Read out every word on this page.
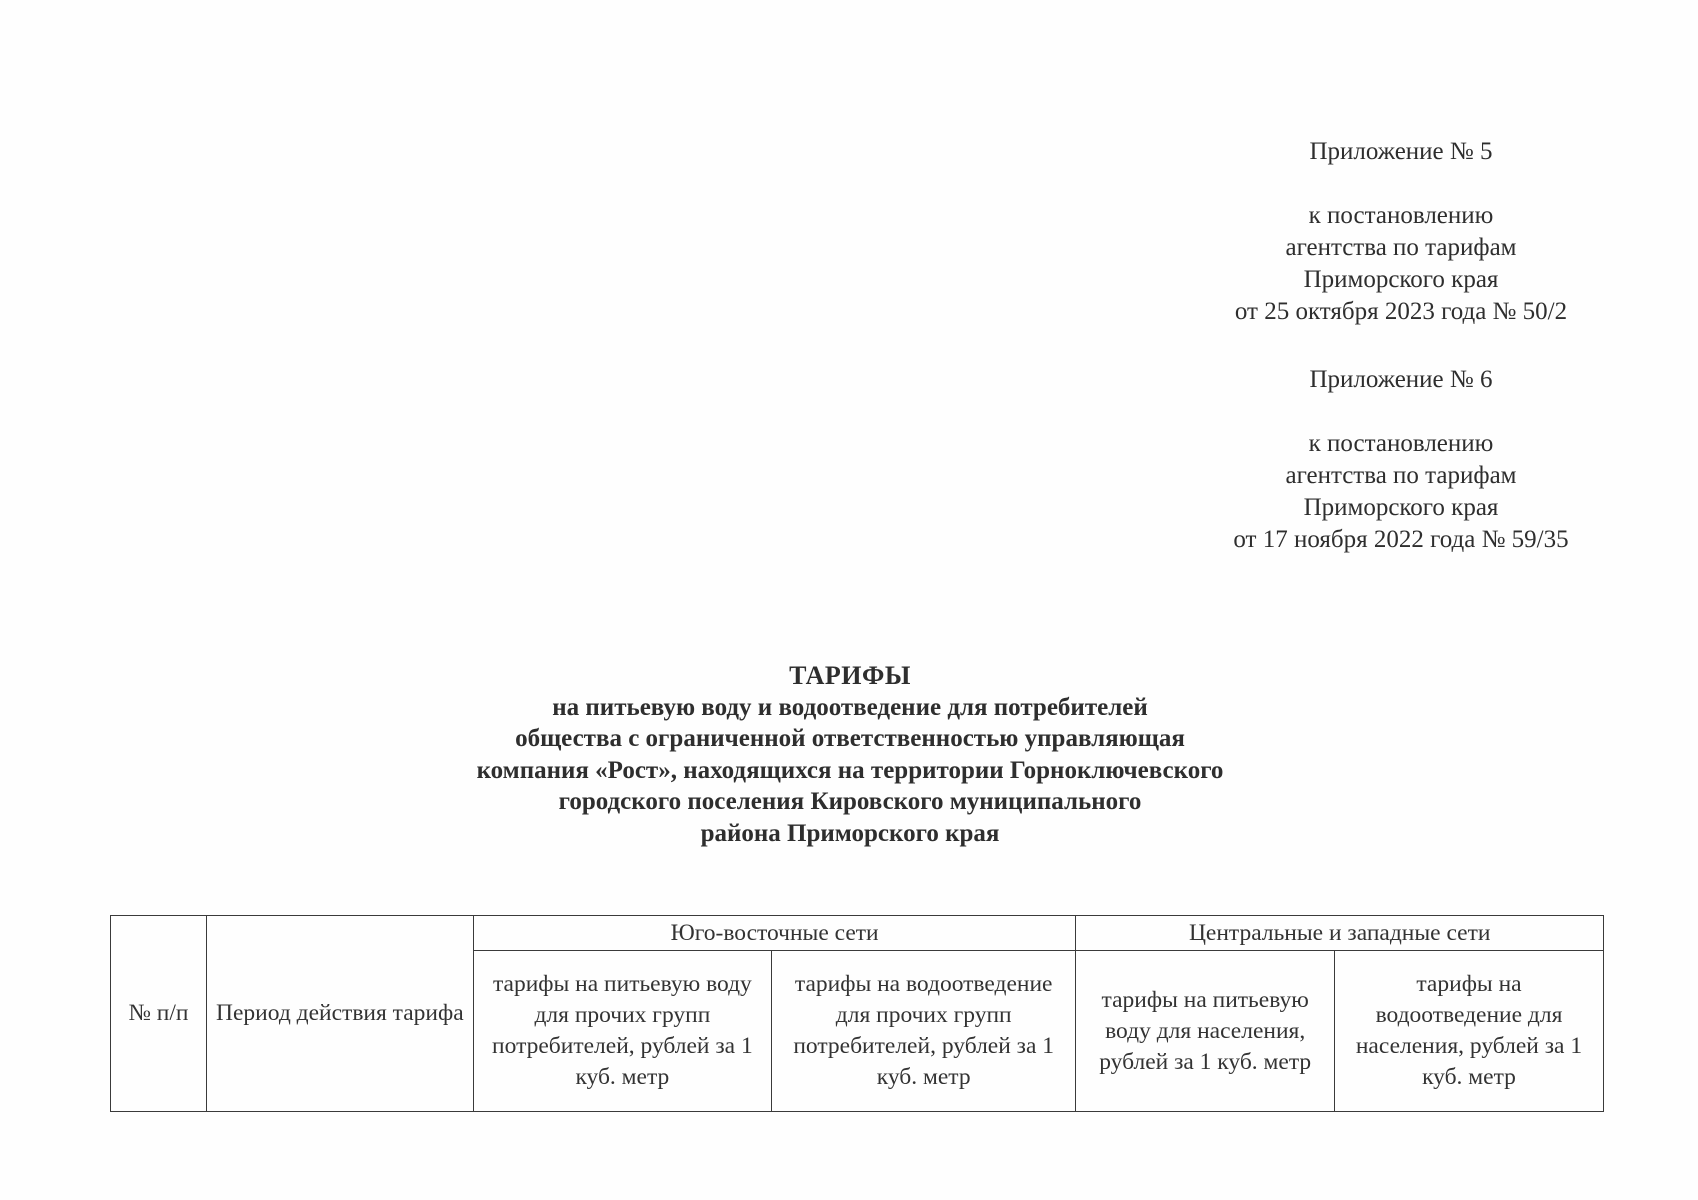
Приложение № 5
к постановлению
агентства по тарифам
Приморского края
от 25 октября 2023 года № 50/2
Приложение № 6
к постановлению
агентства по тарифам
Приморского края
от 17 ноября 2022 года № 59/35
ТАРИФЫ
на питьевую воду и водоотведение для потребителей
общества с ограниченной ответственностью управляющая
компания «Рост», находящихся на территории Горноключевского
городского поселения Кировского муниципального
района Приморского края
№ п/п	Период действия тарифа	Юго-восточные сети		Центральные и западные сети	
		тарифы на питьевую воду для прочих групп потребителей, рублей за 1 куб. метр	тарифы на водоотведение для прочих групп потребителей, рублей за 1 куб. метр	тарифы на питьевую воду для населения, рублей за 1 куб. метр	тарифы на водоотведение для населения, рублей за 1 куб. метр
